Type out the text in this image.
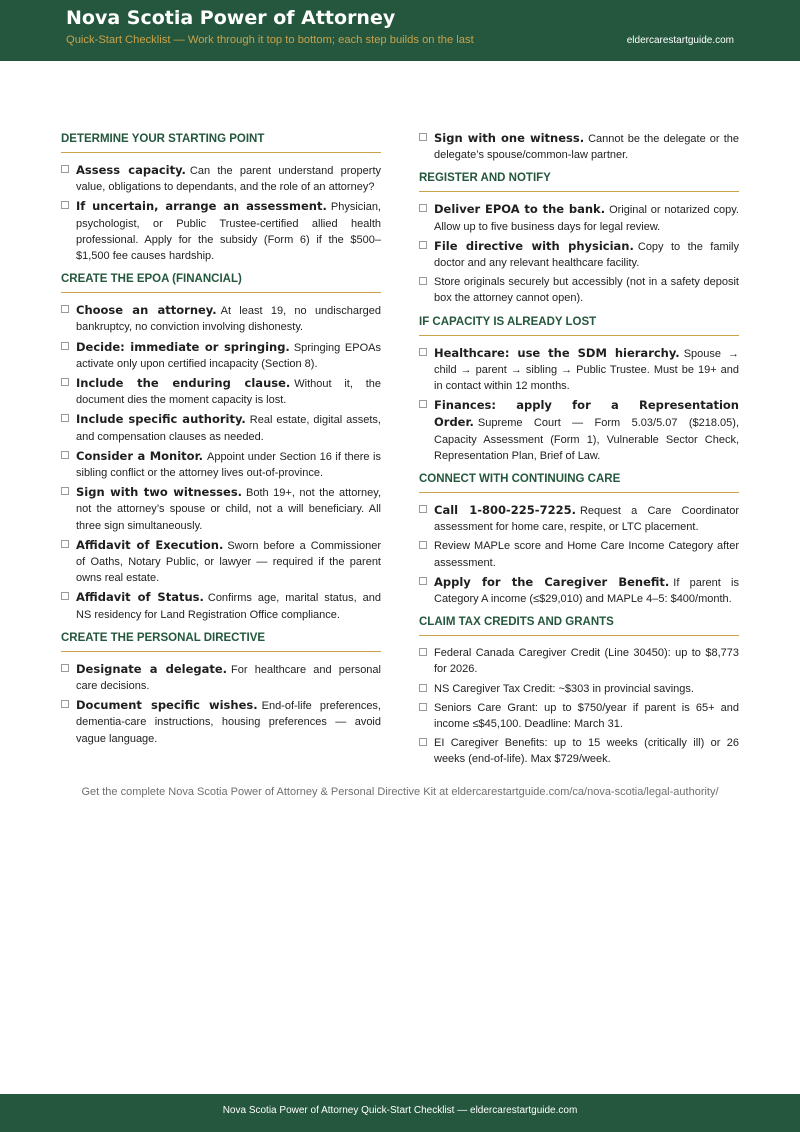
Nova Scotia Power of Attorney
Quick-Start Checklist — Work through it top to bottom; each step builds on the last	eldercarestartguide.com
DETERMINE YOUR STARTING POINT
Assess capacity. Can the parent understand property value, obligations to dependants, and the role of an attorney?
If uncertain, arrange an assessment. Physician, psychologist, or Public Trustee-certified allied health professional. Apply for the subsidy (Form 6) if the $500–$1,500 fee causes hardship.
CREATE THE EPOA (FINANCIAL)
Choose an attorney. At least 19, no undischarged bankruptcy, no conviction involving dishonesty.
Decide: immediate or springing. Springing EPOAs activate only upon certified incapacity (Section 8).
Include the enduring clause. Without it, the document dies the moment capacity is lost.
Include specific authority. Real estate, digital assets, and compensation clauses as needed.
Consider a Monitor. Appoint under Section 16 if there is sibling conflict or the attorney lives out-of-province.
Sign with two witnesses. Both 19+, not the attorney, not the attorney’s spouse or child, not a will beneficiary. All three sign simultaneously.
Affidavit of Execution. Sworn before a Commissioner of Oaths, Notary Public, or lawyer — required if the parent owns real estate.
Affidavit of Status. Confirms age, marital status, and NS residency for Land Registration Office compliance.
CREATE THE PERSONAL DIRECTIVE
Designate a delegate. For healthcare and personal care decisions.
Document specific wishes. End-of-life preferences, dementia-care instructions, housing preferences — avoid vague language.
Sign with one witness. Cannot be the delegate or the delegate’s spouse/common-law partner.
REGISTER AND NOTIFY
Deliver EPOA to the bank. Original or notarized copy. Allow up to five business days for legal review.
File directive with physician. Copy to the family doctor and any relevant healthcare facility.
Store originals securely but accessibly (not in a safety deposit box the attorney cannot open).
IF CAPACITY IS ALREADY LOST
Healthcare: use the SDM hierarchy. Spouse → child → parent → sibling → Public Trustee. Must be 19+ and in contact within 12 months.
Finances: apply for a Representation Order. Supreme Court — Form 5.03/5.07 ($218.05), Capacity Assessment (Form 1), Vulnerable Sector Check, Representation Plan, Brief of Law.
CONNECT WITH CONTINUING CARE
Call 1-800-225-7225. Request a Care Coordinator assessment for home care, respite, or LTC placement.
Review MAPLe score and Home Care Income Category after assessment.
Apply for the Caregiver Benefit. If parent is Category A income (≤$29,010) and MAPLe 4–5: $400/month.
CLAIM TAX CREDITS AND GRANTS
Federal Canada Caregiver Credit (Line 30450): up to $8,773 for 2026.
NS Caregiver Tax Credit: ~$303 in provincial savings.
Seniors Care Grant: up to $750/year if parent is 65+ and income ≤$45,100. Deadline: March 31.
EI Caregiver Benefits: up to 15 weeks (critically ill) or 26 weeks (end-of-life). Max $729/week.
Get the complete Nova Scotia Power of Attorney & Personal Directive Kit at eldercarestartguide.com/ca/nova-scotia/legal-authority/
Nova Scotia Power of Attorney Quick-Start Checklist — eldercarestartguide.com
